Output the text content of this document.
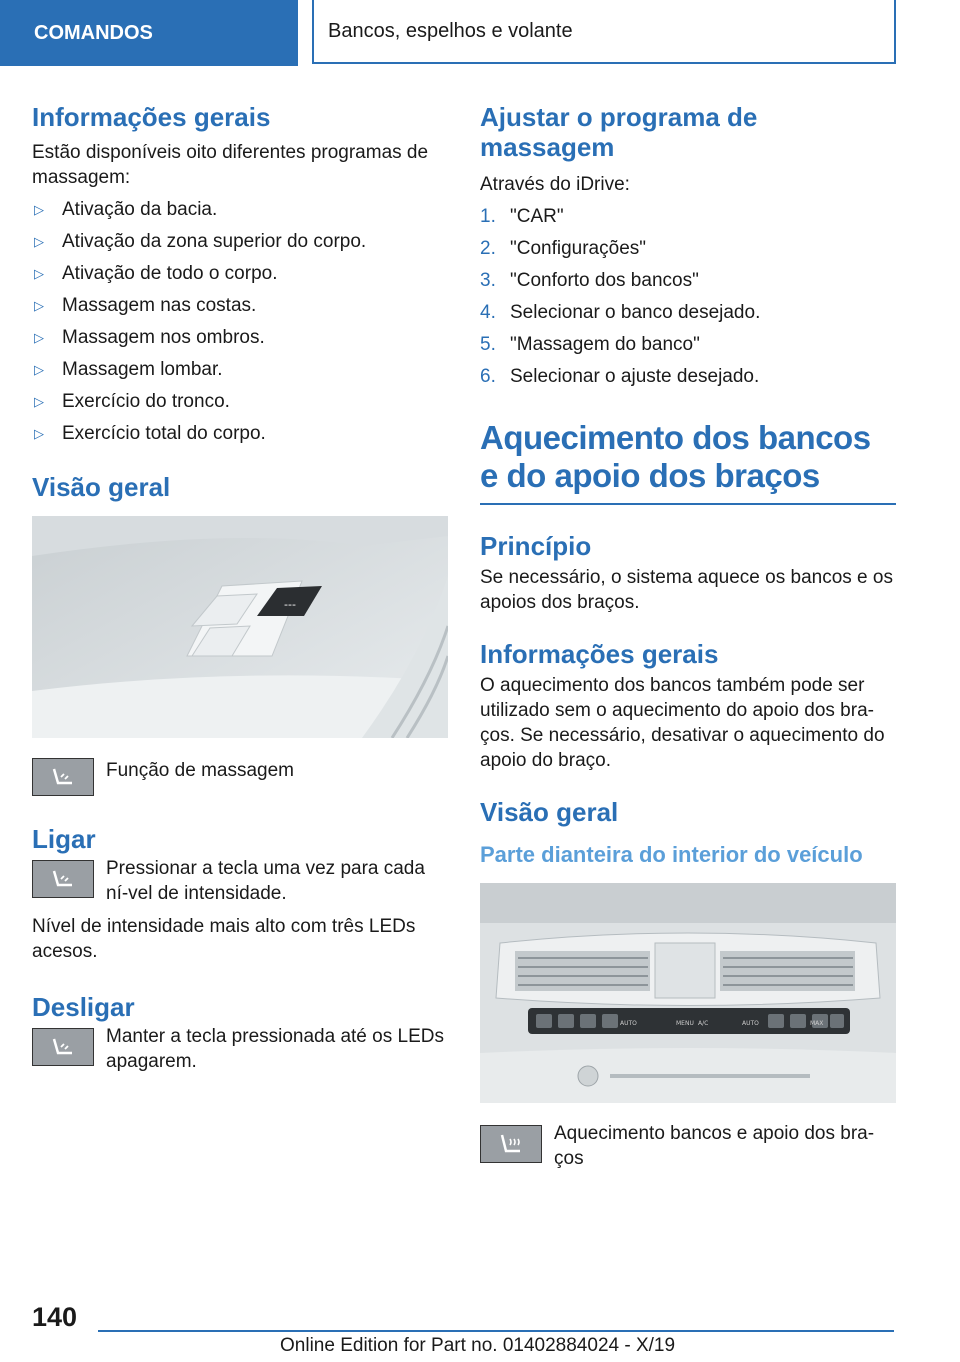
COMANDOS	Bancos, espelhos e volante
Informações gerais

Estão disponíveis oito diferentes programas de massagem:

▷ Ativação da bacia.
▷ Ativação da zona superior do corpo.
▷ Ativação de todo o corpo.
▷ Massagem nas costas.
▷ Massagem nos ombros.
▷ Massagem lombar.
▷ Exercício do tronco.
▷ Exercício total do corpo.
Visão geral
---

Função de massagem

Ligar

Pressionar a tecla uma vez para cada ní-vel de intensidade.

Nível de intensidade mais alto com três LEDs acesos.

Desligar

Manter a tecla pressionada até os LEDs apagarem.

Ajustar o programa de massagem

Através do iDrive:

1. "CAR"
2. "Configurações"
3. "Conforto dos bancos"
4. Selecionar o banco desejado.
5. "Massagem do banco"
6. Selecionar o ajuste desejado.
Aquecimento dos bancos e do apoio dos braços
Princípio

Se necessário, o sistema aquece os bancos e os apoios dos braços.

Informações gerais

O aquecimento dos bancos também pode ser utilizado sem o aquecimento do apoio dos bra-ços. Se necessário, desativar o aquecimento do apoio do braço.

Visão geral
Parte dianteira do interior do veículo
AUTO	MENU A/C	AUTO	MAX

Aquecimento bancos e apoio dos bra-ços

140
Online Edition for Part no. 01402884024 - X/19
